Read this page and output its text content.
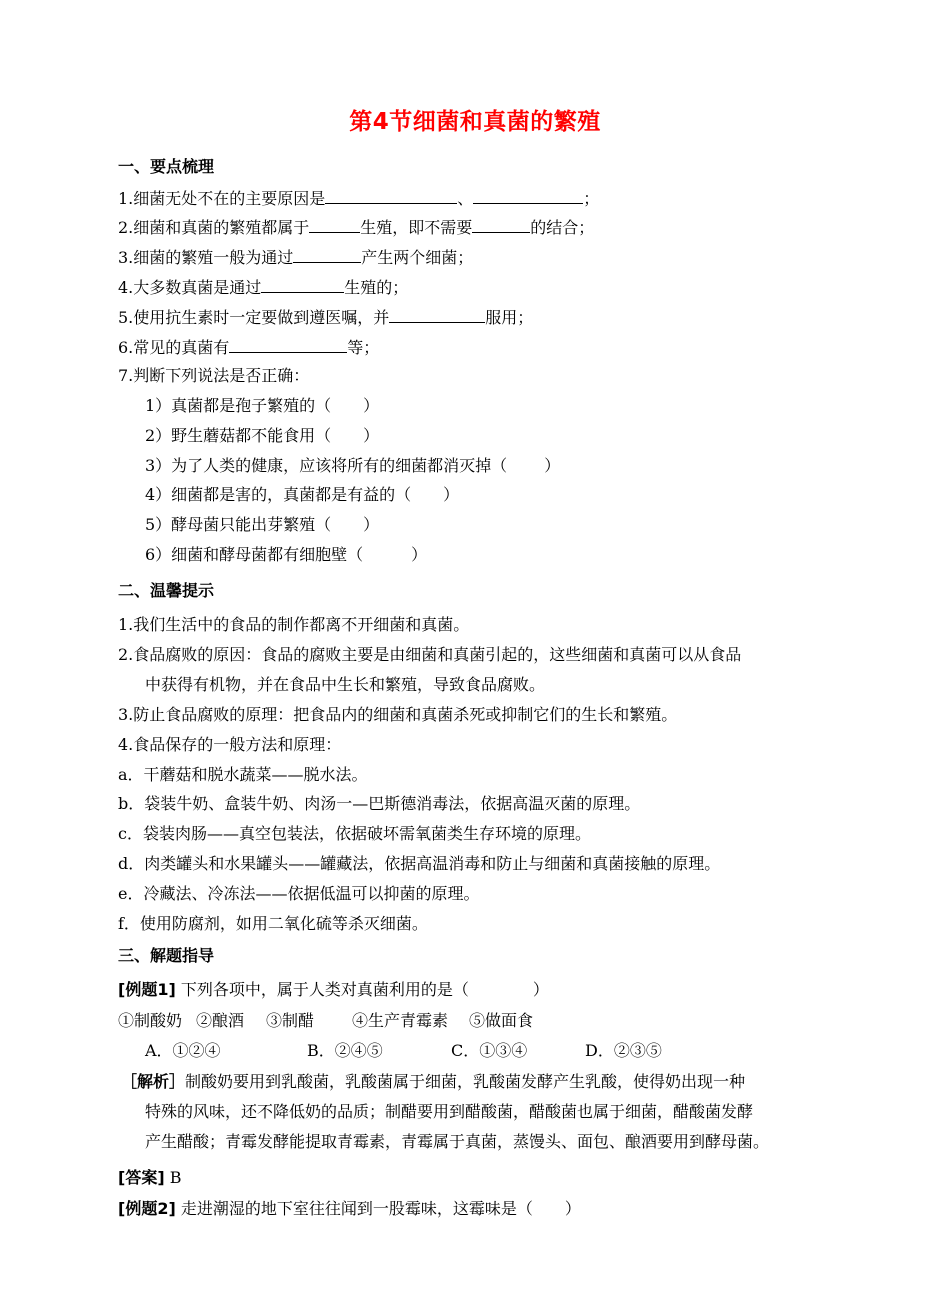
第4节细菌和真菌的繁殖
一、要点梳理
1.细菌无处不在的主要原因是	、	；
2.细菌和真菌的繁殖都属于	生殖，即不需要	的结合；
3.细菌的繁殖一般为通过	产生两个细菌；
4.大多数真菌是通过	生殖的；
5.使用抗生素时一定要做到遵医嘱，并	服用；
6.常见的真菌有	等；
7.判断下列说法是否正确：
1）真菌都是孢子繁殖的（　　）
2）野生蘑菇都不能食用（　　）
3）为了人类的健康，应该将所有的细菌都消灭掉（　　 ）
4）细菌都是害的，真菌都是有益的（　　）
5）酵母菌只能出芽繁殖（　　）
6）细菌和酵母菌都有细胞壁（　　　）
二、温馨提示
1.我们生活中的食品的制作都离不开细菌和真菌。
2.食品腐败的原因：食品的腐败主要是由细菌和真菌引起的，这些细菌和真菌可以从食品
中获得有机物，并在食品中生长和繁殖，导致食品腐败。
3.防止食品腐败的原理：把食品内的细菌和真菌杀死或抑制它们的生长和繁殖。
4.食品保存的一般方法和原理：
a．干蘑菇和脱水蔬菜——脱水法。
b．袋装牛奶、盒装牛奶、肉汤一—巴斯德消毒法，依据高温灭菌的原理。
c．袋装肉肠——真空包装法，依据破坏需氧菌类生存环境的原理。
d．肉类罐头和水果罐头——罐藏法，依据高温消毒和防止与细菌和真菌接触的原理。
e．冷藏法、冷冻法——依据低温可以抑菌的原理。
f．使用防腐剂，如用二氧化硫等杀灭细菌。
三、解题指导
[例题1] 下列各项中，属于人类对真菌利用的是（　　　　）
①制酸奶 ②酿酒 ③制醋 ④生产青霉素 ⑤做面食
A．①②④	B．②④⑤	C．①③④	D．②③⑤
［解析］制酸奶要用到乳酸菌，乳酸菌属于细菌，乳酸菌发酵产生乳酸，使得奶出现一种
特殊的风味，还不降低奶的品质；制醋要用到醋酸菌，醋酸菌也属于细菌，醋酸菌发酵
产生醋酸；青霉发酵能提取青霉素，青霉属于真菌，蒸馒头、面包、酿酒要用到酵母菌。
[答案] B
[例题2] 走进潮湿的地下室往往闻到一股霉味，这霉味是（　　）
